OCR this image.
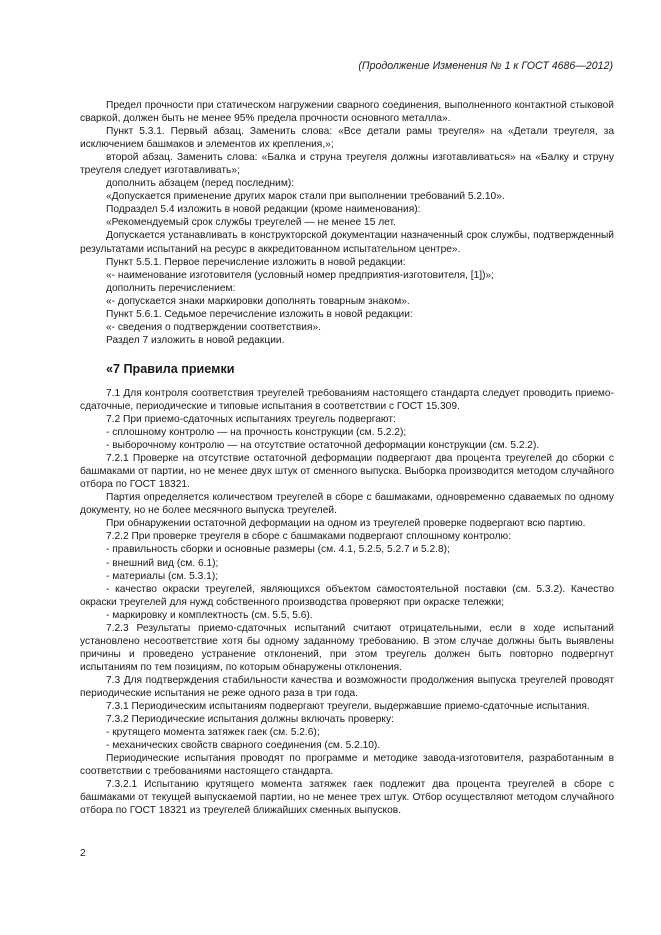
(Продолжение Изменения № 1 к ГОСТ 4686—2012)

Предел прочности при статическом нагружении сварного соединения, выполненного контактной стыковой сваркой, должен быть не менее 95% предела прочности основного металла».

Пункт 5.3.1. Первый абзац. Заменить слова: «Все детали рамы треугеля» на «Детали треугеля, за исключением башмаков и элементов их крепления,»;

второй абзац. Заменить слова: «Балка и струна треугеля должны изготавливаться» на «Балку и струну треугеля следует изготавливать»;

дополнить абзацем (перед последним):

«Допускается применение других марок стали при выполнении требований 5.2.10».

Подраздел 5.4 изложить в новой редакции (кроме наименования):

«Рекомендуемый срок службы треугелей — не менее 15 лет.

Допускается устанавливать в конструкторской документации назначенный срок службы, подтвержденный результатами испытаний на ресурс в аккредитованном испытательном центре».

Пункт 5.5.1. Первое перечисление изложить в новой редакции:

«- наименование изготовителя (условный номер предприятия-изготовителя, [1])»;

дополнить перечислением:

«- допускается знаки маркировки дополнять товарным знаком».

Пункт 5.6.1. Седьмое перечисление изложить в новой редакции:

«- сведения о подтверждении соответствия».

Раздел 7 изложить в новой редакции.

«7 Правила приемки

7.1 Для контроля соответствия треугелей требованиям настоящего стандарта следует проводить приемо-сдаточные, периодические и типовые испытания в соответствии с ГОСТ 15.309.

7.2 При приемо-сдаточных испытаниях треугель подвергают:

- сплошному контролю — на прочность конструкции (см. 5.2.2);

- выборочному контролю — на отсутствие остаточной деформации конструкции (см. 5.2.2).

7.2.1 Проверке на отсутствие остаточной деформации подвергают два процента треугелей до сборки с башмаками от партии, но не менее двух штук от сменного выпуска. Выборка производится методом случайного отбора по ГОСТ 18321.

Партия определяется количеством треугелей в сборе с башмаками, одновременно сдаваемых по одному документу, но не более месячного выпуска треугелей.

При обнаружении остаточной деформации на одном из треугелей проверке подвергают всю партию.

7.2.2 При проверке треугеля в сборе с башмаками подвергают сплошному контролю:

- правильность сборки и основные размеры (см. 4.1, 5.2.5, 5.2.7 и 5.2.8);

- внешний вид (см. 6.1);

- материалы (см. 5.3.1);

- качество окраски треугелей, являющихся объектом самостоятельной поставки (см. 5.3.2). Качество окраски треугелей для нужд собственного производства проверяют при окраске тележки;

- маркировку и комплектность (см. 5.5, 5.6).

7.2.3 Результаты приемо-сдаточных испытаний считают отрицательными, если в ходе испытаний установлено несоответствие хотя бы одному заданному требованию. В этом случае должны быть выявлены причины и проведено устранение отклонений, при этом треугель должен быть повторно подвергнут испытаниям по тем позициям, по которым обнаружены отклонения.

7.3 Для подтверждения стабильности качества и возможности продолжения выпуска треугелей проводят периодические испытания не реже одного раза в три года.

7.3.1 Периодическим испытаниям подвергают треугели, выдержавшие приемо-сдаточные испытания.

7.3.2 Периодические испытания должны включать проверку:

- крутящего момента затяжек гаек (см. 5.2.6);

- механических свойств сварного соединения (см. 5.2.10).

Периодические испытания проводят по программе и методике завода-изготовителя, разработанным в соответствии с требованиями настоящего стандарта.

7.3.2.1 Испытанию крутящего момента затяжек гаек подлежит два процента треугелей в сборе с башмаками от текущей выпускаемой партии, но не менее трех штук. Отбор осуществляют методом случайного отбора по ГОСТ 18321 из треугелей ближайших сменных выпусков.

2
